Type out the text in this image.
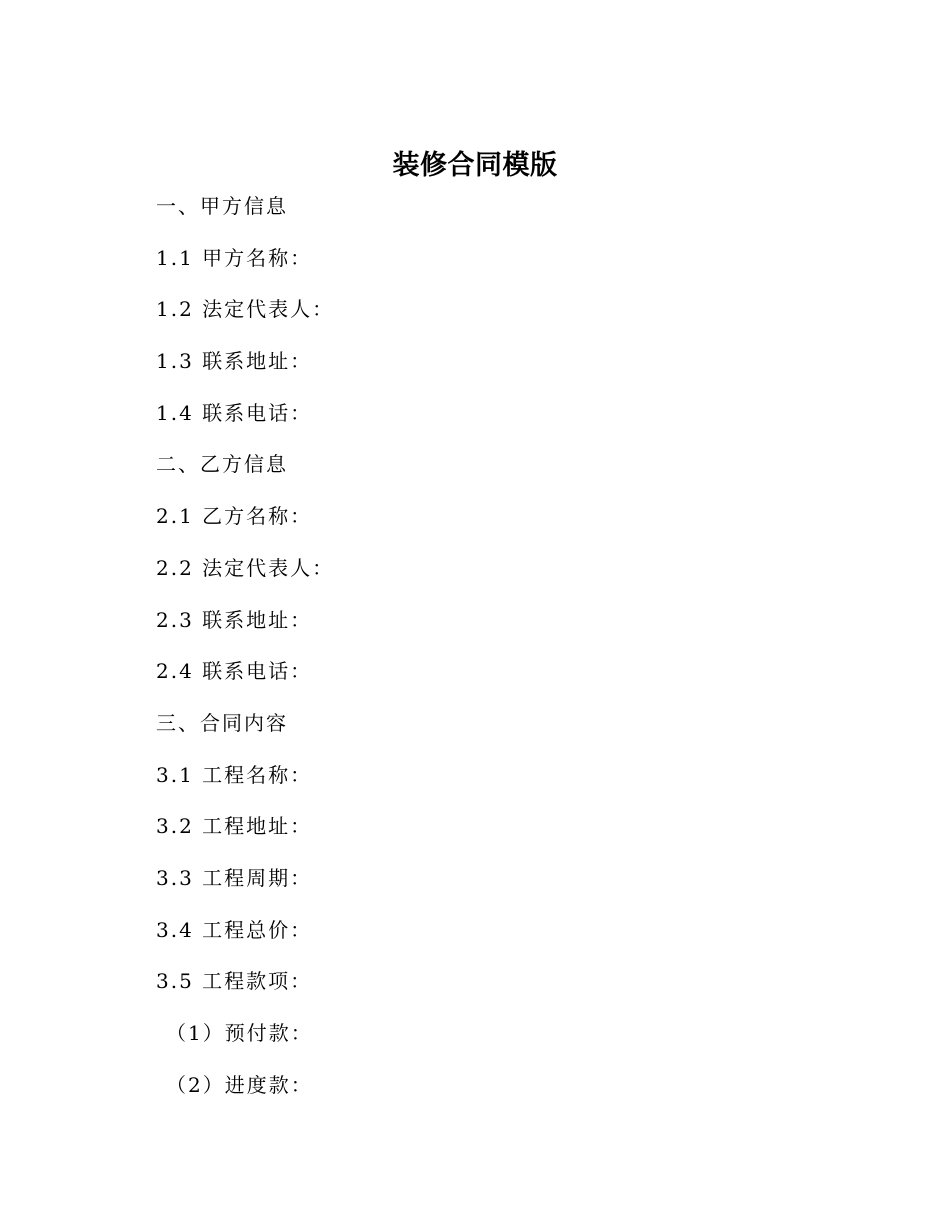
装修合同模版
一、甲方信息
1.1 甲方名称：
1.2 法定代表人：
1.3 联系地址：
1.4 联系电话：
二、乙方信息
2.1 乙方名称：
2.2 法定代表人：
2.3 联系地址：
2.4 联系电话：
三、合同内容
3.1 工程名称：
3.2 工程地址：
3.3 工程周期：
3.4 工程总价：
3.5 工程款项：
（1）预付款：
（2）进度款：
